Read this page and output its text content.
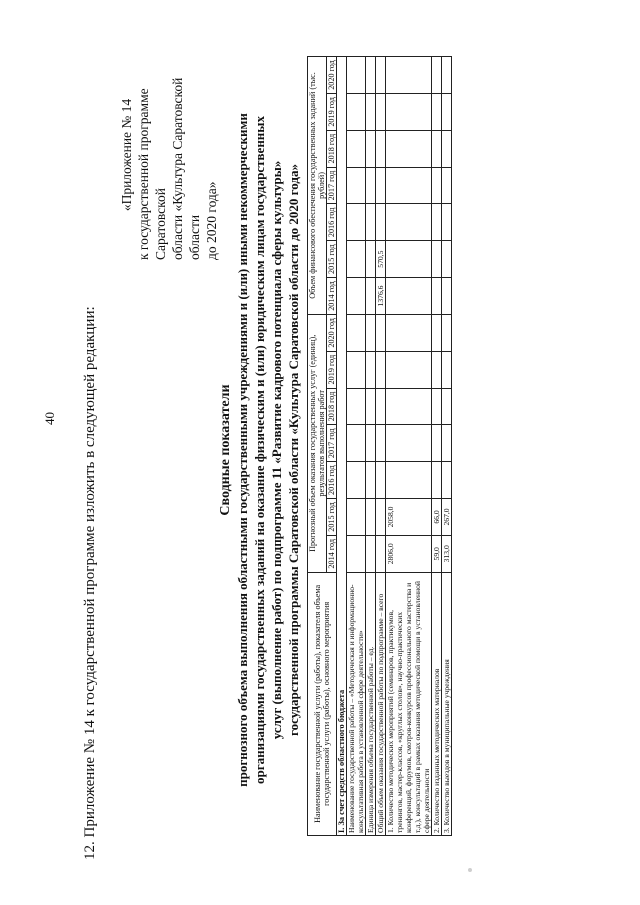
40 12. Приложение № 14 к государственной программе изложить в следующей редакции:
«Приложение № 14 к государственной программе Саратовской области «Культура Саратовской области до 2020 года»
Сводные показатели прогнозного объема выполнения областными государственными учреждениями и (или) иными некоммерческими организациями государственных заданий на оказание физическим и (или) юридическим лицам государственных услуг (выполнение работ) по подпрограмме 11 «Развитие кадрового потенциала сферы культуры» государственной программы Саратовской области «Культура Саратовской области до 2020 года» Наименование государственной услуги (работы), показателя объема государственной услуги (работы), основного мероприятия	Прогнозный объем оказания государственных услуг (единиц), результатов выполнения работ							Объем финансового обеспечения государственных заданий (тыс. рублей)						
	2014 год	2015 год	2016 год	2017 год	2018 год	2019 год	2020 год	2014 год	2015 год	2016 год	2017 год	2018 год	2019 год	2020 год
I. За счет средств областного бюджета														
Наименование государственной работы – «Методическая и информационно-консультативная работа в установленной сфере деятельности»														
Единица измерения объема государственной работы – ед.														
Общий объем оказания государственной работы по подпрограмме – всего								1376,6	570,5					
1. Количество методических мероприятий (семинаров, практикумов, тренингов, мастер-классов, «круглых столов», научно-практических конференций, форумов, смотров-конкурсов профессионального мастерства и т.д.), консультаций в рамках оказания методической помощи в установленной сфере деятельности	2806,0	2058,0												
2. Количество изданных методических материалов	59,0	66,0												
3. Количество выездов в муниципальные учреждения	313,0	267,0												
